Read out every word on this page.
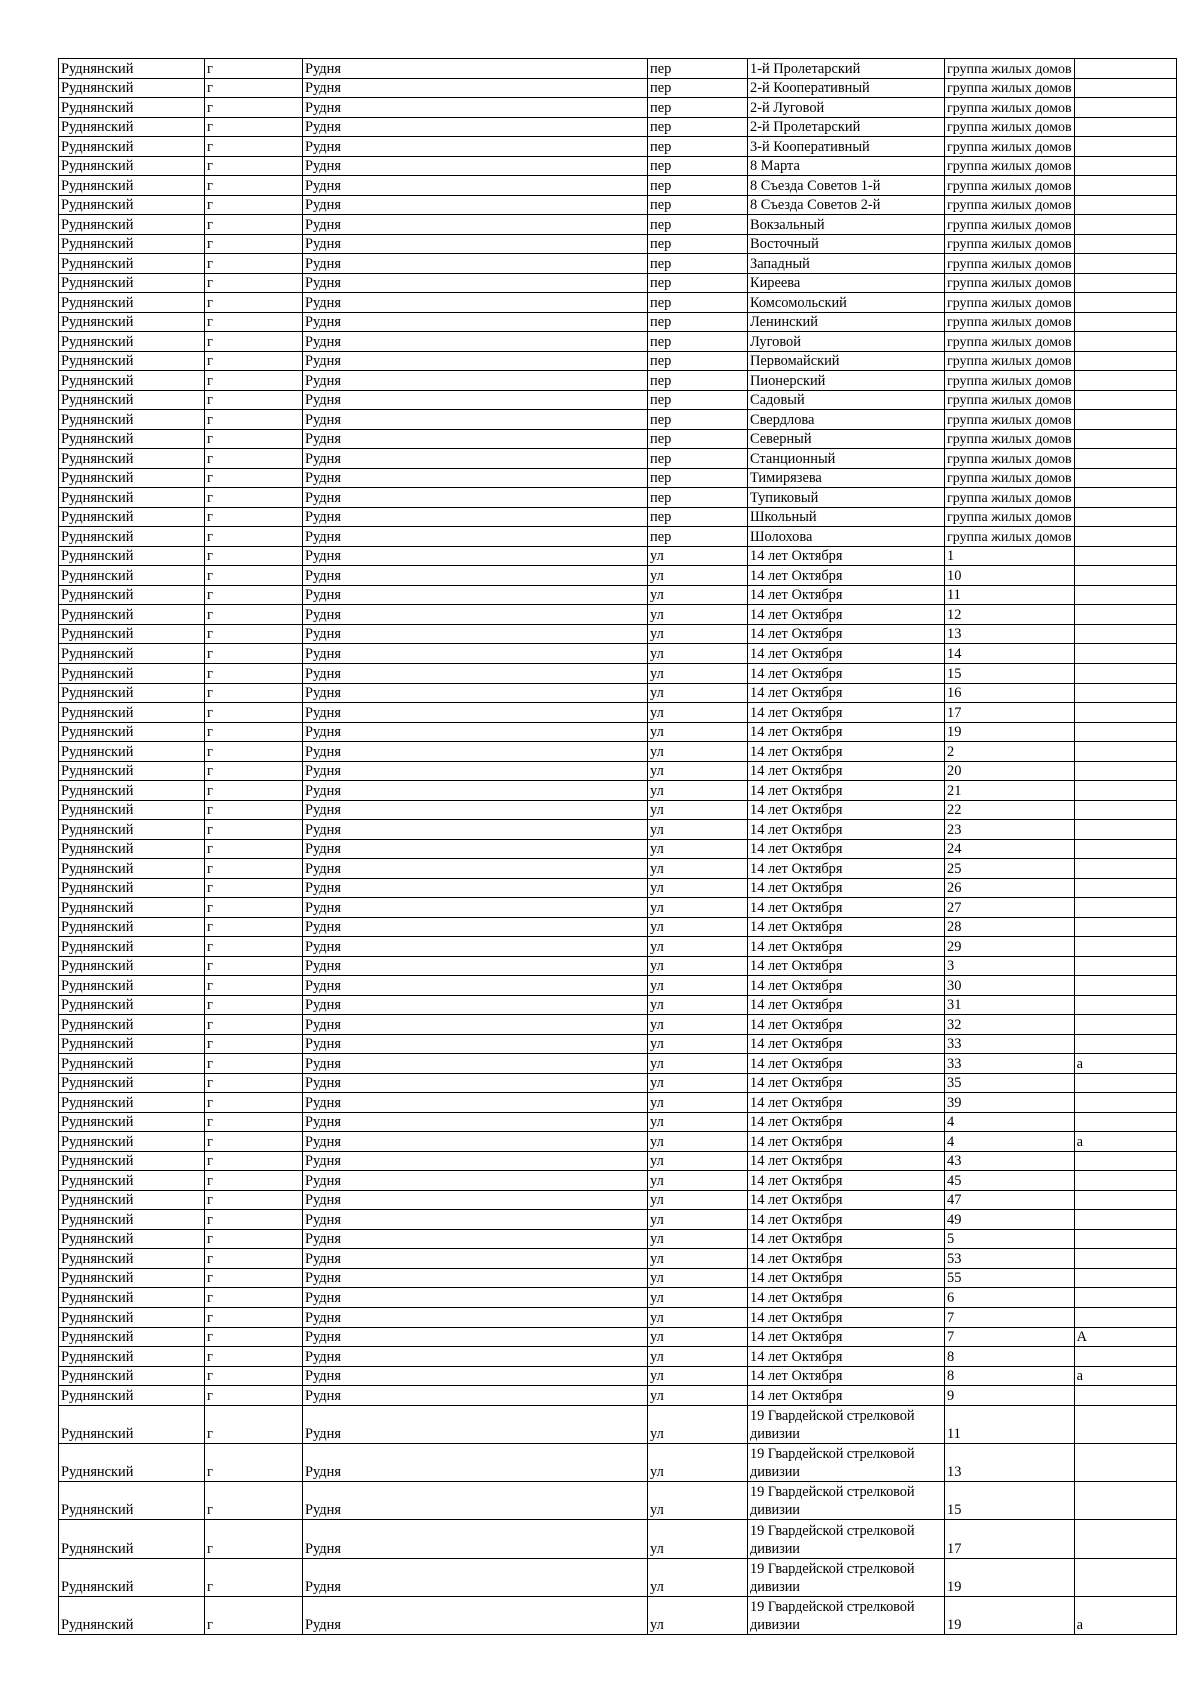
Руднянский	г	Рудня	пер	1-й Пролетарский	группа жилых домов	
Руднянский	г	Рудня	пер	2-й Кооперативный	группа жилых домов	
Руднянский	г	Рудня	пер	2-й Луговой	группа жилых домов	
Руднянский	г	Рудня	пер	2-й Пролетарский	группа жилых домов	
Руднянский	г	Рудня	пер	3-й Кооперативный	группа жилых домов	
Руднянский	г	Рудня	пер	8 Марта	группа жилых домов	
Руднянский	г	Рудня	пер	8 Съезда Советов 1-й	группа жилых домов	
Руднянский	г	Рудня	пер	8 Съезда Советов 2-й	группа жилых домов	
Руднянский	г	Рудня	пер	Вокзальный	группа жилых домов	
Руднянский	г	Рудня	пер	Восточный	группа жилых домов	
Руднянский	г	Рудня	пер	Западный	группа жилых домов	
Руднянский	г	Рудня	пер	Киреева	группа жилых домов	
Руднянский	г	Рудня	пер	Комсомольский	группа жилых домов	
Руднянский	г	Рудня	пер	Ленинский	группа жилых домов	
Руднянский	г	Рудня	пер	Луговой	группа жилых домов	
Руднянский	г	Рудня	пер	Первомайский	группа жилых домов	
Руднянский	г	Рудня	пер	Пионерский	группа жилых домов	
Руднянский	г	Рудня	пер	Садовый	группа жилых домов	
Руднянский	г	Рудня	пер	Свердлова	группа жилых домов	
Руднянский	г	Рудня	пер	Северный	группа жилых домов	
Руднянский	г	Рудня	пер	Станционный	группа жилых домов	
Руднянский	г	Рудня	пер	Тимирязева	группа жилых домов	
Руднянский	г	Рудня	пер	Тупиковый	группа жилых домов	
Руднянский	г	Рудня	пер	Школьный	группа жилых домов	
Руднянский	г	Рудня	пер	Шолохова	группа жилых домов	
Руднянский	г	Рудня	ул	14 лет Октября	1	
Руднянский	г	Рудня	ул	14 лет Октября	10	
Руднянский	г	Рудня	ул	14 лет Октября	11	
Руднянский	г	Рудня	ул	14 лет Октября	12	
Руднянский	г	Рудня	ул	14 лет Октября	13	
Руднянский	г	Рудня	ул	14 лет Октября	14	
Руднянский	г	Рудня	ул	14 лет Октября	15	
Руднянский	г	Рудня	ул	14 лет Октября	16	
Руднянский	г	Рудня	ул	14 лет Октября	17	
Руднянский	г	Рудня	ул	14 лет Октября	19	
Руднянский	г	Рудня	ул	14 лет Октября	2	
Руднянский	г	Рудня	ул	14 лет Октября	20	
Руднянский	г	Рудня	ул	14 лет Октября	21	
Руднянский	г	Рудня	ул	14 лет Октября	22	
Руднянский	г	Рудня	ул	14 лет Октября	23	
Руднянский	г	Рудня	ул	14 лет Октября	24	
Руднянский	г	Рудня	ул	14 лет Октября	25	
Руднянский	г	Рудня	ул	14 лет Октября	26	
Руднянский	г	Рудня	ул	14 лет Октября	27	
Руднянский	г	Рудня	ул	14 лет Октября	28	
Руднянский	г	Рудня	ул	14 лет Октября	29	
Руднянский	г	Рудня	ул	14 лет Октября	3	
Руднянский	г	Рудня	ул	14 лет Октября	30	
Руднянский	г	Рудня	ул	14 лет Октября	31	
Руднянский	г	Рудня	ул	14 лет Октября	32	
Руднянский	г	Рудня	ул	14 лет Октября	33	
Руднянский	г	Рудня	ул	14 лет Октября	33	а
Руднянский	г	Рудня	ул	14 лет Октября	35	
Руднянский	г	Рудня	ул	14 лет Октября	39	
Руднянский	г	Рудня	ул	14 лет Октября	4	
Руднянский	г	Рудня	ул	14 лет Октября	4	а
Руднянский	г	Рудня	ул	14 лет Октября	43	
Руднянский	г	Рудня	ул	14 лет Октября	45	
Руднянский	г	Рудня	ул	14 лет Октября	47	
Руднянский	г	Рудня	ул	14 лет Октября	49	
Руднянский	г	Рудня	ул	14 лет Октября	5	
Руднянский	г	Рудня	ул	14 лет Октября	53	
Руднянский	г	Рудня	ул	14 лет Октября	55	
Руднянский	г	Рудня	ул	14 лет Октября	6	
Руднянский	г	Рудня	ул	14 лет Октября	7	
Руднянский	г	Рудня	ул	14 лет Октября	7	А
Руднянский	г	Рудня	ул	14 лет Октября	8	
Руднянский	г	Рудня	ул	14 лет Октября	8	а
Руднянский	г	Рудня	ул	14 лет Октября	9	
Руднянский	г	Рудня	ул	19 Гвардейской стрелковой дивизии	11	
Руднянский	г	Рудня	ул	19 Гвардейской стрелковой дивизии	13	
Руднянский	г	Рудня	ул	19 Гвардейской стрелковой дивизии	15	
Руднянский	г	Рудня	ул	19 Гвардейской стрелковой дивизии	17	
Руднянский	г	Рудня	ул	19 Гвардейской стрелковой дивизии	19	
Руднянский	г	Рудня	ул	19 Гвардейской стрелковой дивизии	19	а
